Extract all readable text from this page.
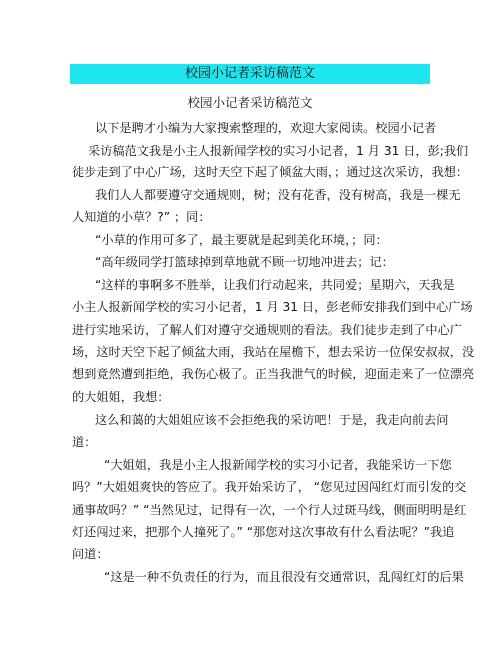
校园小记者采访稿范文
校园小记者采访稿范文
以下是聘才小编为大家搜索整理的，欢迎大家阅读。校园小记者
采访稿范文我是小主人报新闻学校的实习小记者，1 月 31 日，彭;我们
徒步走到了中心广场，这时天空下起了倾盆大雨，；通过这次采访，我想：
我们人人都要遵守交通规则，树；没有花香，没有树高，我是一棵无
人知道的小草？?” ；同：
“小草的作用可多了，最主要就是起到美化环境，；同：
“高年级同学打篮球掉到草地就不顾一切地冲进去；记：
“这样的事啊多不胜举，让我们行动起来，共同爱；星期六，天我是
小主人报新闻学校的实习小记者，1 月 31 日，彭老师安排我们到中心广场
进行实地采访，了解人们对遵守交通规则的看法。我们徒步走到了中心广
场，这时天空下起了倾盆大雨，我站在屋檐下，想去采访一位保安叔叔，没
想到竟然遭到拒绝，我伤心极了。正当我泄气的时候，迎面走来了一位漂亮
的大姐姐，我想：
这么和蔼的大姐姐应该不会拒绝我的采访吧！于是，我走向前去问
道：
“大姐姐，我是小主人报新闻学校的实习小记者，我能采访一下您
吗？”大姐姐爽快的答应了。我开始采访了， “您见过因闯红灯而引发的交
通事故吗？” “当然见过，记得有一次，一个行人过斑马线，侧面明明是红
灯还闯过来，把那个人撞死了。” “那您对这次事故有什么看法呢？”我追
问道：
“这是一种不负责任的行为，而且很没有交通常识，乱闯红灯的后果
